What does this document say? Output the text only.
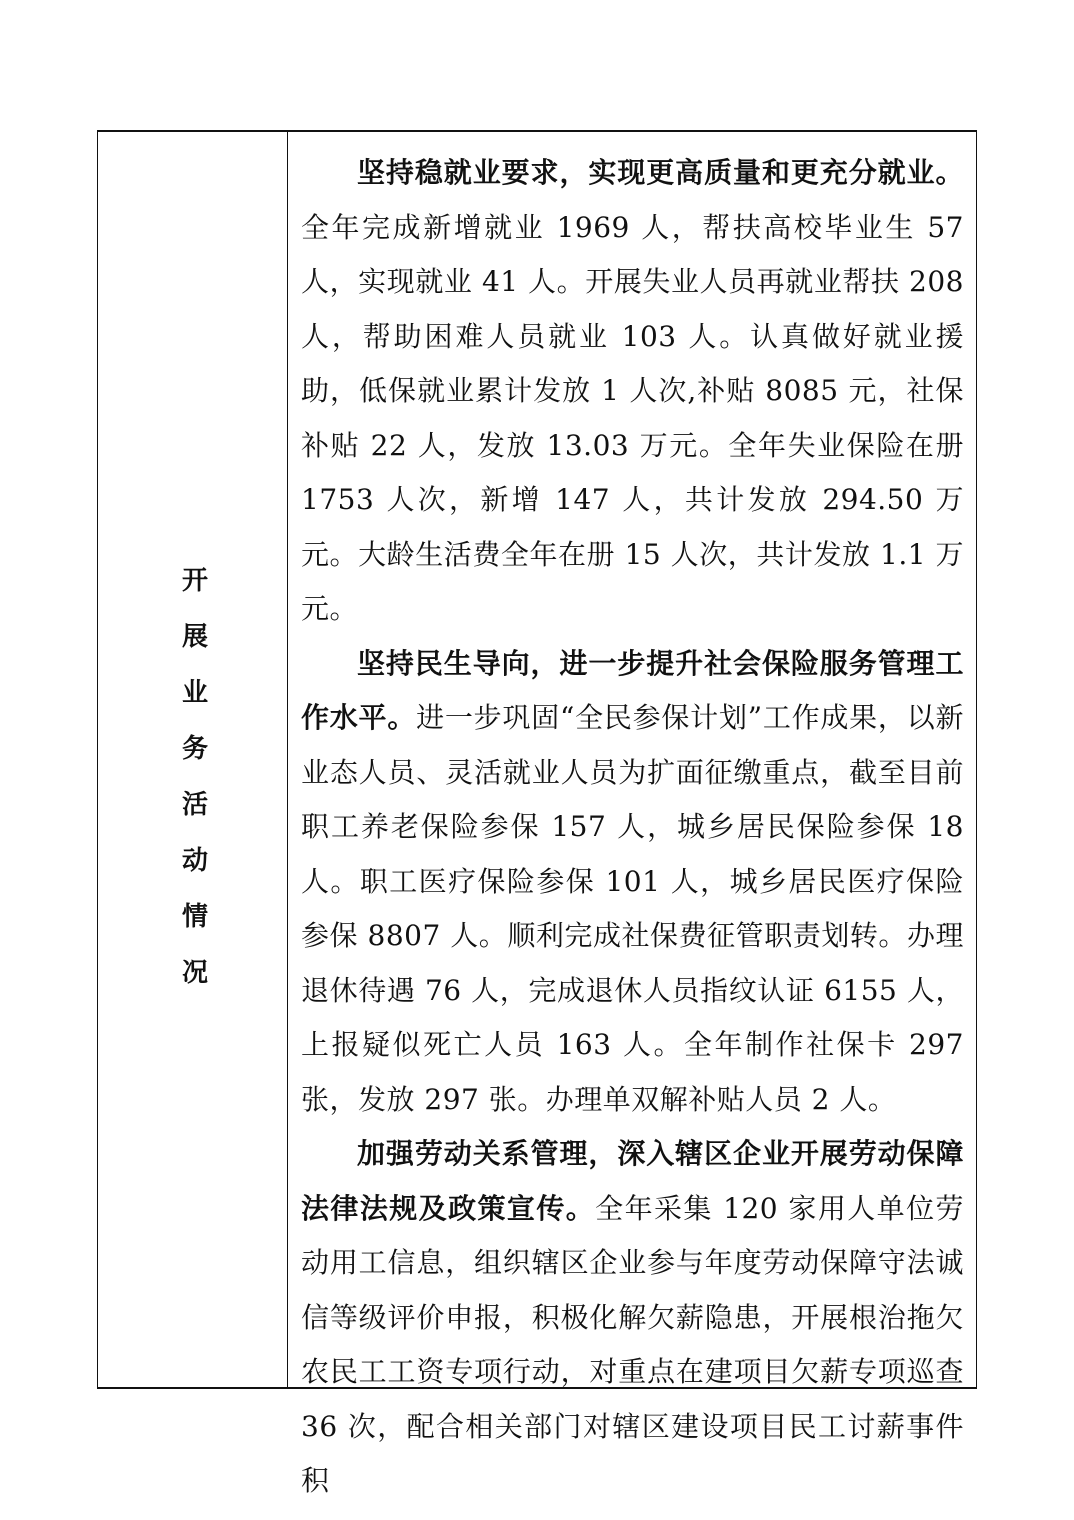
开展业务活动情况

坚持稳就业要求，实现更高质量和更充分就业。全年完成新增就业 1969 人，帮扶高校毕业生 57 人，实现就业 41 人。开展失业人员再就业帮扶 208 人，帮助困难人员就业 103 人。认真做好就业援助，低保就业累计发放 1 人次,补贴 8085 元，社保补贴 22 人，发放 13.03 万元。全年失业保险在册 1753 人次，新增 147 人，共计发放 294.50 万元。大龄生活费全年在册 15 人次，共计发放 1.1 万元。

坚持民生导向，进一步提升社会保险服务管理工作水平。进一步巩固“全民参保计划”工作成果，以新业态人员、灵活就业人员为扩面征缴重点，截至目前职工养老保险参保 157 人，城乡居民保险参保 18 人。职工医疗保险参保 101 人，城乡居民医疗保险参保 8807 人。顺利完成社保费征管职责划转。办理退休待遇 76 人，完成退休人员指纹认证 6155 人，上报疑似死亡人员 163 人。全年制作社保卡 297 张，发放 297 张。办理单双解补贴人员 2 人。

加强劳动关系管理，深入辖区企业开展劳动保障法律法规及政策宣传。全年采集 120 家用人单位劳动用工信息，组织辖区企业参与年度劳动保障守法诚信等级评价申报，积极化解欠薪隐患，开展根治拖欠农民工工资专项行动，对重点在建项目欠薪专项巡查 36 次，配合相关部门对辖区建设项目民工讨薪事件积
